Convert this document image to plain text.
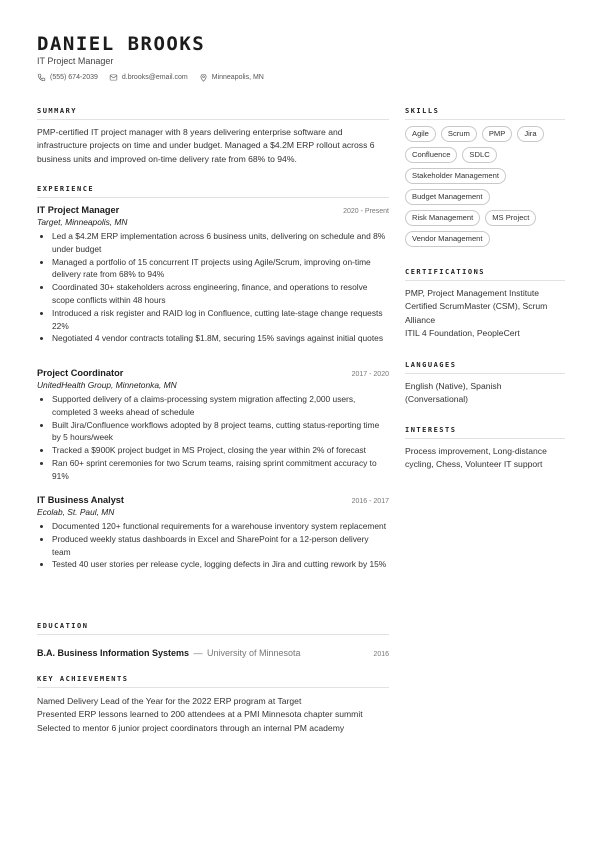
DANIEL BROOKS
IT Project Manager
(555) 674-2039	d.brooks@email.com	Minneapolis, MN
SUMMARY
PMP-certified IT project manager with 8 years delivering enterprise software and infrastructure projects on time and under budget. Managed a $4.2M ERP rollout across 6 business units and improved on-time delivery rate from 68% to 94%.
EXPERIENCE
IT Project Manager	2020 - Present
Target, Minneapolis, MN
• Led a $4.2M ERP implementation across 6 business units, delivering on schedule and 8% under budget
• Managed a portfolio of 15 concurrent IT projects using Agile/Scrum, improving on-time delivery rate from 68% to 94%
• Coordinated 30+ stakeholders across engineering, finance, and operations to resolve scope conflicts within 48 hours
• Introduced a risk register and RAID log in Confluence, cutting late-stage change requests 22%
• Negotiated 4 vendor contracts totaling $1.8M, securing 15% savings against initial quotes
Project Coordinator	2017 - 2020
UnitedHealth Group, Minnetonka, MN
• Supported delivery of a claims-processing system migration affecting 2,000 users, completed 3 weeks ahead of schedule
• Built Jira/Confluence workflows adopted by 8 project teams, cutting status-reporting time by 5 hours/week
• Tracked a $900K project budget in MS Project, closing the year within 2% of forecast
• Ran 60+ sprint ceremonies for two Scrum teams, raising sprint commitment accuracy to 91%
IT Business Analyst	2016 - 2017
Ecolab, St. Paul, MN
• Documented 120+ functional requirements for a warehouse inventory system replacement
• Produced weekly status dashboards in Excel and SharePoint for a 12-person delivery team
• Tested 40 user stories per release cycle, logging defects in Jira and cutting rework by 15%
EDUCATION
B.A. Business Information Systems — University of Minnesota	2016
KEY ACHIEVEMENTS
Named Delivery Lead of the Year for the 2022 ERP program at Target
Presented ERP lessons learned to 200 attendees at a PMI Minnesota chapter summit
Selected to mentor 6 junior project coordinators through an internal PM academy
SKILLS
Agile	Scrum	PMP	Jira
Confluence	SDLC
Stakeholder Management
Budget Management
Risk Management	MS Project
Vendor Management
CERTIFICATIONS
PMP, Project Management Institute
Certified ScrumMaster (CSM), Scrum Alliance
ITIL 4 Foundation, PeopleCert
LANGUAGES
English (Native), Spanish (Conversational)
INTERESTS
Process improvement, Long-distance cycling, Chess, Volunteer IT support
